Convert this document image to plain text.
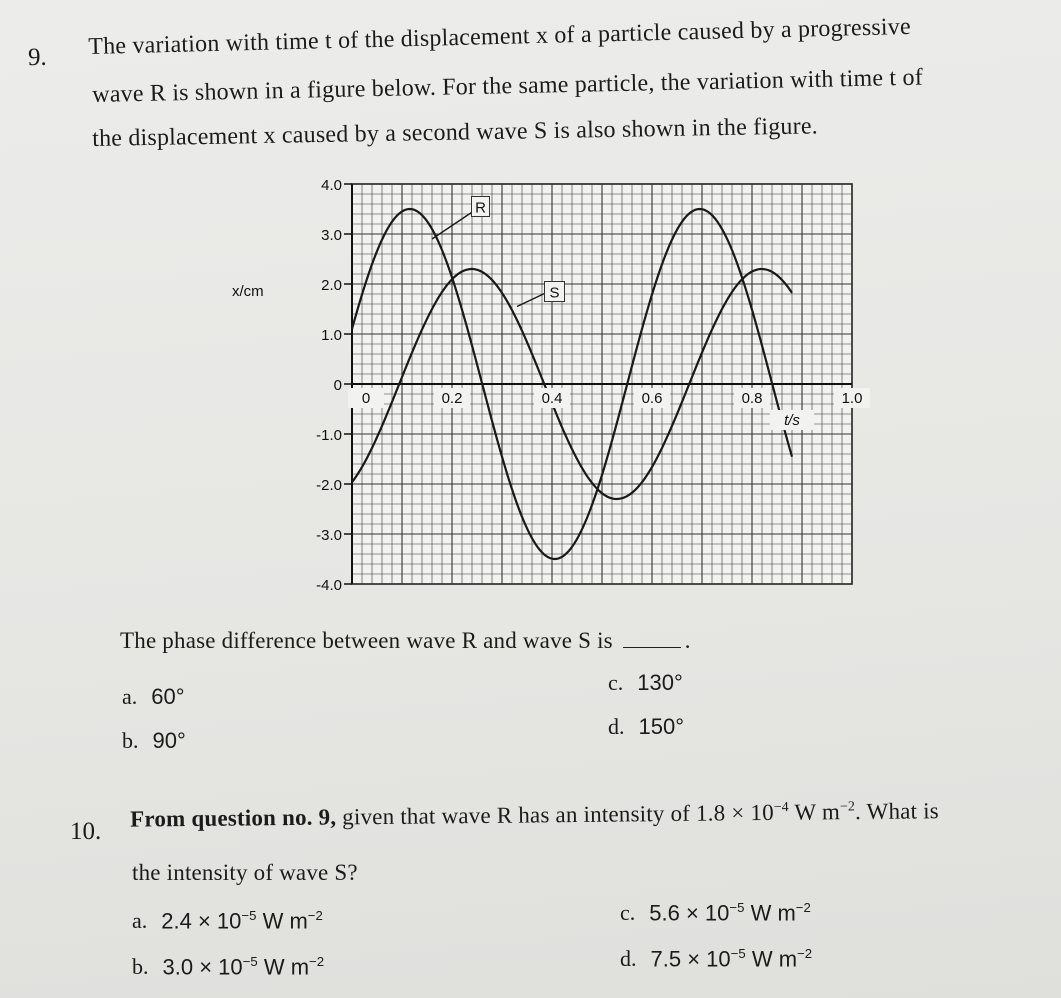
9. The variation with time t of the displacement x of a particle caused by a progressive
wave R is shown in a figure below. For the same particle, the variation with time t of
the displacement x caused by a second wave S is also shown in the figure.
4.0
3.0
2.0
1.0
0
-1.0
-2.0
-3.0
-4.0
0	0.2	0.4	0.6	0.8	1.0
x/cm
t/s
R
S
The phase difference between wave R and wave S is	.
a. 60°
b. 90°
c. 130°
d. 150°
10. From question no. 9, given that wave R has an intensity of $1.8 \times 10^{-4}$ W $m^{-2}$. What is
the intensity of wave S?
a. $2.4 \times 10^{-5}$ W $m^{-2}$
b. $3.0 \times 10^{-5}$ W $m^{-2}$
c. $5.6 \times 10^{-5}$ W $m^{-2}$
d. $7.5 \times 10^{-5}$ W $m^{-2}$
